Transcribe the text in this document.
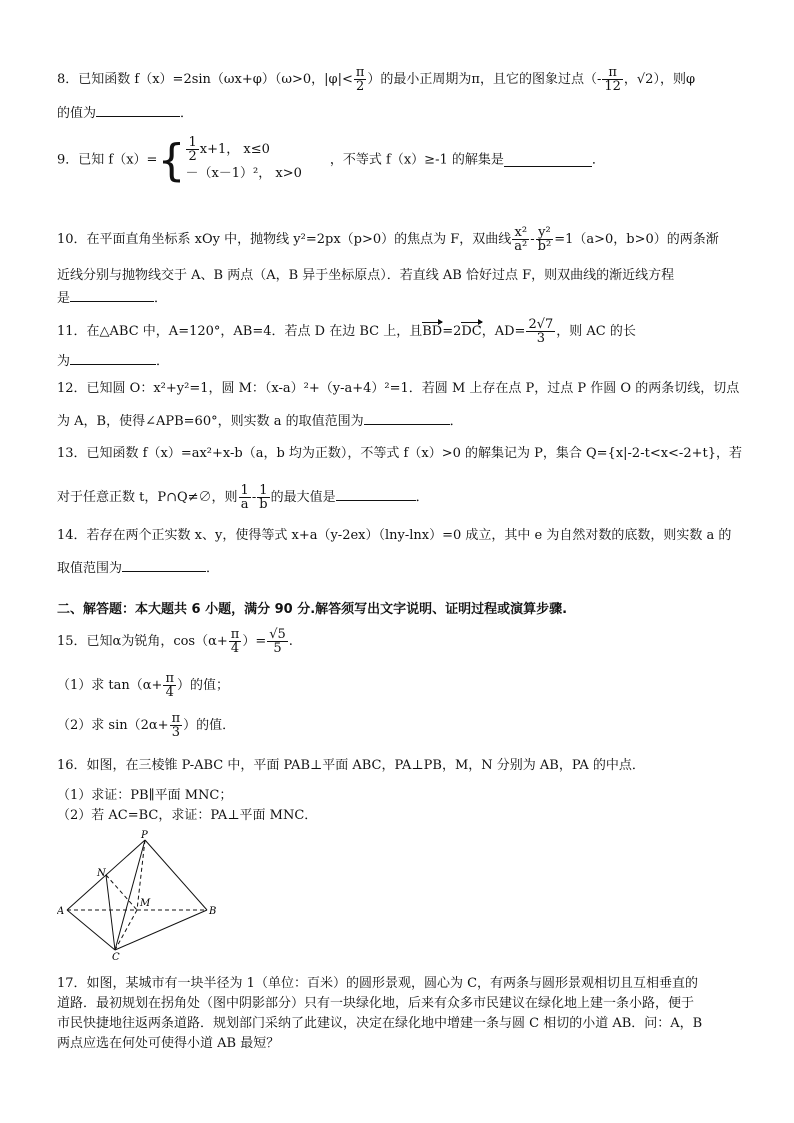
8．已知函数 f（x）=2sin（ωx+φ）（ω>0，$|\varphi|< \frac{\pi}{2}$ ）的最小正周期为π，且它的图象过点（- $\frac{\pi}{12}$ ，√2），则φ
的值为	．
9．已知 $f(x)=\{ \frac{1}{2} x+1$， x≤0
－（x－1）²， x>0
，不等式 f（x）≥-1 的解集是	．
10．在平面直角坐标系 xOy 中，抛物线 y²=2px（p>0）的焦点为 F，双曲线 $\frac{\text{x²}}{\text{a²}} - \frac{\text{y²}}{\text{b²}} =1(a>0$，b>0）的两条渐
近线分别与抛物线交于 A、B 两点（A，B 异于坐标原点）．若直线 AB 恰好过点 F，则双曲线的渐近线方程
是	．
11．在△ABC 中，A=120°，AB=4．若点 D 在边 BC 上，且BD=2DC，$AD= \frac{2√7}{3}$ ，则 AC 的长
为	．
12．已知圆 O：x²+y²=1，圆 M：（x-a）²+（y-a+4）²=1．若圆 M 上存在点 P，过点 P 作圆 O 的两条切线，切点
为 A，B，使得∠APB=60°，则实数 a 的取值范围为	．
13．已知函数 f（x）=ax²+x-b（a，b 均为正数），不等式 f（x）>0 的解集记为 P，集合 Q={x|-2-t<x<-2+t}，若
对于任意正数 t，P∩Q≠∅，则 $\frac{1}{a} - \frac{1}{b}$ 的最大值是	．
14．若存在两个正实数 x、y，使得等式 x+a（y-2ex）（lny-lnx）=0 成立，其中 e 为自然对数的底数，则实数 a 的
取值范围为	．
二、解答题：本大题共 6 小题，满分 90 分.解答须写出文字说明、证明过程或演算步骤.
15．已知α为锐角，$\cos(\alpha+ \frac{\pi}{4}$ ）= $\frac{√5}{5}$ .
（1）求 $\tan(\alpha+ \frac{\pi}{4}$ ）的值；
（2）求 $\sin(2\alpha+ \frac{\pi}{3}$ ）的值．
16．如图，在三棱锥 P-ABC 中，平面 PAB⊥平面 ABC，PA⊥PB，M，N 分别为 AB，PA 的中点．
（1）求证：PB∥平面 MNC；
（2）若 AC=BC，求证：PA⊥平面 MNC．
P
N
M
A	B
C
17．如图，某城市有一块半径为 1（单位：百米）的圆形景观，圆心为 C，有两条与圆形景观相切且互相垂直的
道路．最初规划在拐角处（图中阴影部分）只有一块绿化地，后来有众多市民建议在绿化地上建一条小路，便于
市民快捷地往返两条道路．规划部门采纳了此建议，决定在绿化地中增建一条与圆 C 相切的小道 AB．问：A，B
两点应选在何处可使得小道 AB 最短？
